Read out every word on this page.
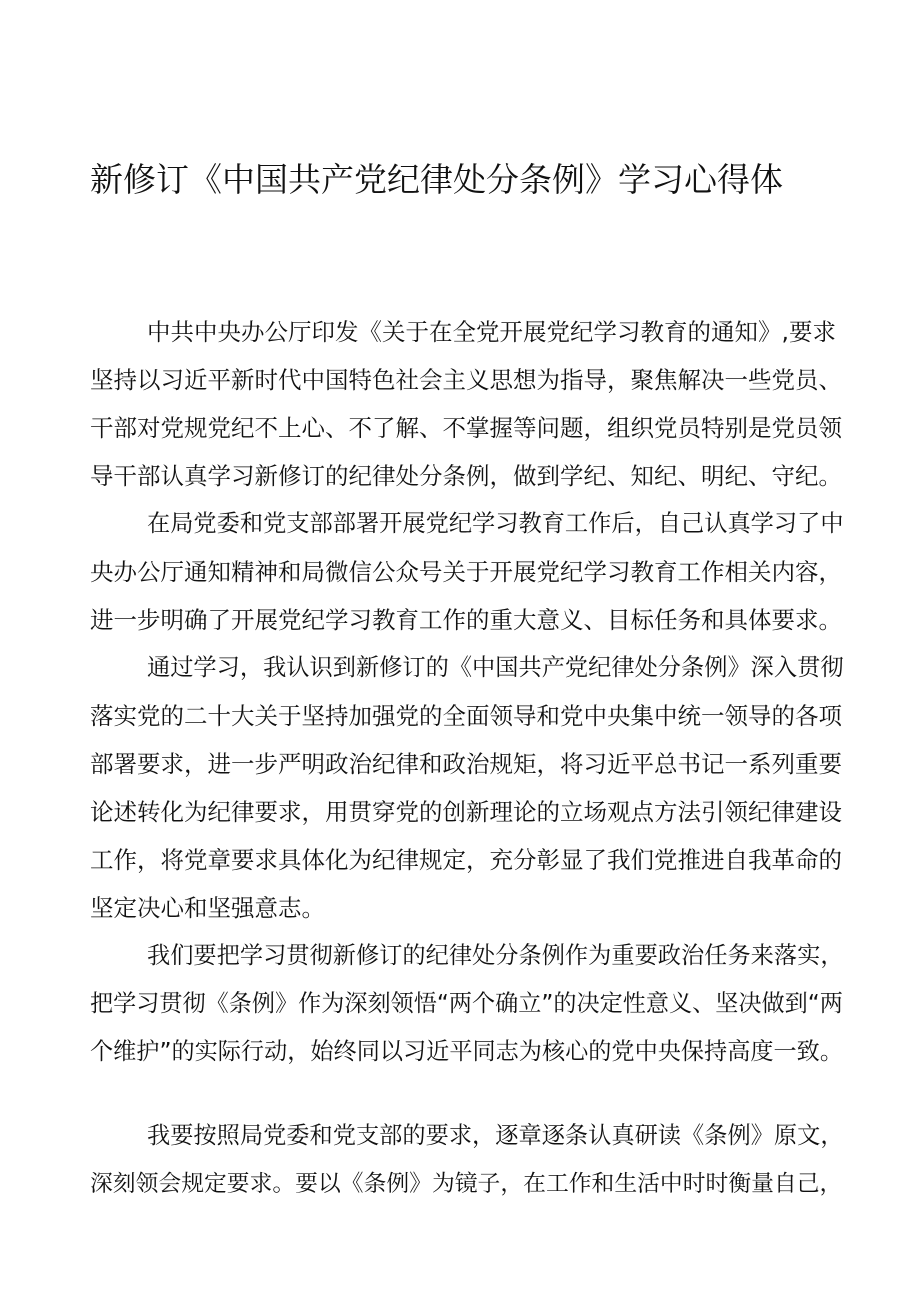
新修订《中国共产党纪律处分条例》学习心得体
中共中央办公厅印发《关于在全党开展党纪学习教育的通知》,要求
坚持以习近平新时代中国特色社会主义思想为指导，聚焦解决一些党员、
干部对党规党纪不上心、不了解、不掌握等问题，组织党员特别是党员领
导干部认真学习新修订的纪律处分条例，做到学纪、知纪、明纪、守纪。
在局党委和党支部部署开展党纪学习教育工作后，自己认真学习了中
央办公厅通知精神和局微信公众号关于开展党纪学习教育工作相关内容，
进一步明确了开展党纪学习教育工作的重大意义、目标任务和具体要求。
通过学习，我认识到新修订的《中国共产党纪律处分条例》深入贯彻
落实党的二十大关于坚持加强党的全面领导和党中央集中统一领导的各项
部署要求，进一步严明政治纪律和政治规矩，将习近平总书记一系列重要
论述转化为纪律要求，用贯穿党的创新理论的立场观点方法引领纪律建设
工作，将党章要求具体化为纪律规定，充分彰显了我们党推进自我革命的
坚定决心和坚强意志。
我们要把学习贯彻新修订的纪律处分条例作为重要政治任务来落实，
把学习贯彻《条例》作为深刻领悟“两个确立”的决定性意义、坚决做到“两
个维护”的实际行动，始终同以习近平同志为核心的党中央保持高度一致。
我要按照局党委和党支部的要求，逐章逐条认真研读《条例》原文，
深刻领会规定要求。要以《条例》为镜子，在工作和生活中时时衡量自己，
